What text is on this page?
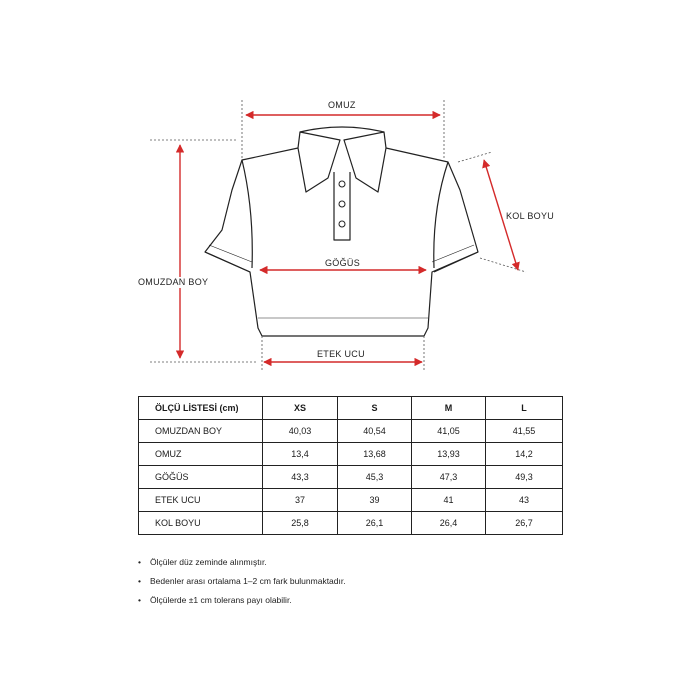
OMUZ
GÖĞÜS
ETEK UCU
OMUZDAN BOY
KOL BOYU
ÖLÇÜ LİSTESİ (cm)	XS	S	M	L
OMUZDAN BOY	40,03	40,54	41,05	41,55
OMUZ	13,4	13,68	13,93	14,2
GÖĞÜS	43,3	45,3	47,3	49,3
ETEK UCU	37	39	41	43
KOL BOYU	25,8	26,1	26,4	26,7
•	Ölçüler düz zeminde alınmıştır.
•	Bedenler arası ortalama 1–2 cm fark bulunmaktadır.
•	Ölçülerde ±1 cm tolerans payı olabilir.
